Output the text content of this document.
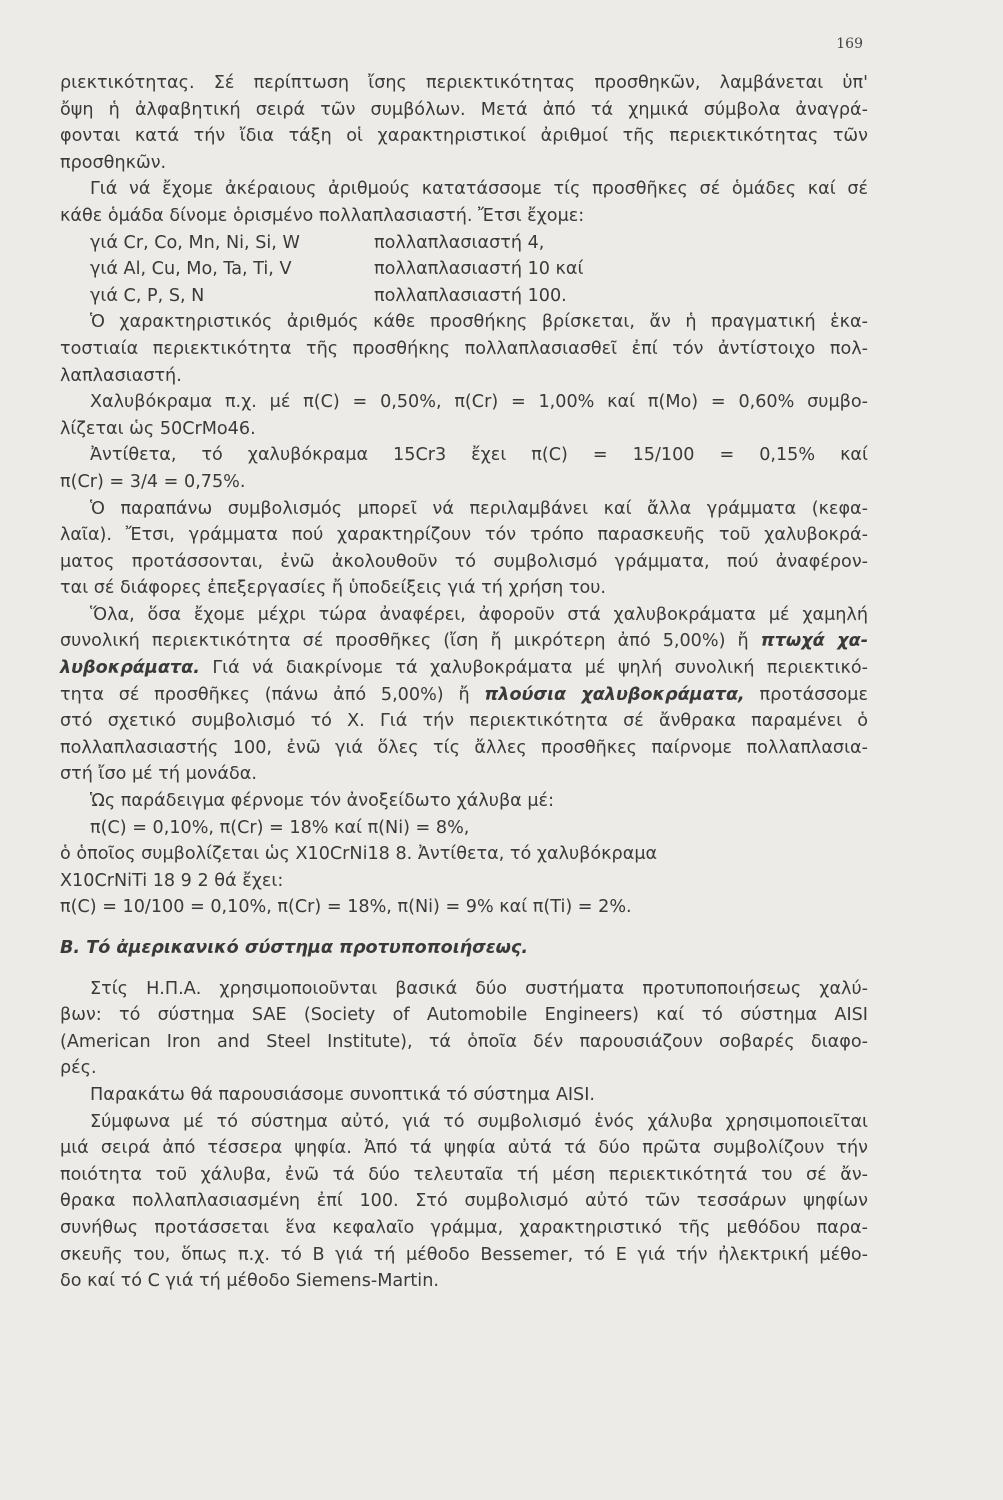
169

ριεκτικότητας. Σέ περίπτωση ἴσης περιεκτικότητας προσθηκῶν, λαμβάνεται ὑπ'
ὄψη ἡ ἀλφαβητική σειρά τῶν συμβόλων. Μετά ἀπό τά χημικά σύμβολα ἀναγρά-
φονται κατά τήν ἴδια τάξη οἱ χαρακτηριστικοί ἀριθμοί τῆς περιεκτικότητας τῶν
προσθηκῶν.

Γιά νά ἔχομε ἀκέραιους ἀριθμούς κατατάσσομε τίς προσθῆκες σέ ὁμάδες καί σέ
κάθε ὁμάδα δίνομε ὁρισμένο πολλαπλασιαστή. Ἔτσι ἔχομε:

γιά Cr, Co, Mn, Ni, Si, W	πολλαπλασιαστή 4,
γιά Al, Cu, Mo, Ta, Ti, V	πολλαπλασιαστή 10 καί
γιά C, P, S, N	πολλαπλασιαστή 100.

Ὁ χαρακτηριστικός ἀριθμός κάθε προσθήκης βρίσκεται, ἄν ἡ πραγματική ἑκα-
τοστιαία περιεκτικότητα τῆς προσθήκης πολλαπλασιασθεῖ ἐπί τόν ἀντίστοιχο πολ-
λαπλασιαστή.

Χαλυβόκραμα π.χ. μέ π(C) = 0,50%, π(Cr) = 1,00% καί π(Mo) = 0,60% συμβο-
λίζεται ὡς 50CrMo46.
Ἀντίθετα, τό χαλυβόκραμα 15Cr3 ἔχει π(C) = 15/100 = 0,15% καί
π(Cr) = 3/4 = 0,75%.

Ὁ παραπάνω συμβολισμός μπορεῖ νά περιλαμβάνει καί ἄλλα γράμματα (κεφα-
λαῖα). Ἔτσι, γράμματα πού χαρακτηρίζουν τόν τρόπο παρασκευῆς τοῦ χαλυβοκρά-
ματος προτάσσονται, ἐνῶ ἀκολουθοῦν τό συμβολισμό γράμματα, πού ἀναφέρον-
ται σέ διάφορες ἐπεξεργασίες ἤ ὑποδείξεις γιά τή χρήση του.

Ὅλα, ὅσα ἔχομε μέχρι τώρα ἀναφέρει, ἀφοροῦν στά χαλυβοκράματα μέ χαμηλή
συνολική περιεκτικότητα σέ προσθῆκες (ἴση ἤ μικρότερη ἀπό 5,00%) ἤ πτωχά χα-
λυβοκράματα. Γιά νά διακρίνομε τά χαλυβοκράματα μέ ψηλή συνολική περιεκτικό-
τητα σέ προσθῆκες (πάνω ἀπό 5,00%) ἤ πλούσια χαλυβοκράματα, προτάσσομε
στό σχετικό συμβολισμό τό X. Γιά τήν περιεκτικότητα σέ ἄνθρακα παραμένει ὁ
πολλαπλασιαστής 100, ἐνῶ γιά ὅλες τίς ἄλλες προσθῆκες παίρνομε πολλαπλασια-
στή ἴσο μέ τή μονάδα.

Ὡς παράδειγμα φέρνομε τόν ἀνοξείδωτο χάλυβα μέ:
π(C) = 0,10%, π(Cr) = 18% καί π(Ni) = 8%,
ὁ ὁποῖος συμβολίζεται ὡς X10CrNi18 8. Ἀντίθετα, τό χαλυβόκραμα
X10CrNiTi 18 9 2 θά ἔχει:
π(C) = 10/100 = 0,10%, π(Cr) = 18%, π(Ni) = 9% καί π(Ti) = 2%.

Β. Τό ἀμερικανικό σύστημα προτυποποιήσεως.

Στίς Η.Π.Α. χρησιμοποιοῦνται βασικά δύο συστήματα προτυποποιήσεως χαλύ-
βων: τό σύστημα SAE (Society of Automobile Engineers) καί τό σύστημα AISI
(American Iron and Steel Institute), τά ὁποῖα δέν παρουσιάζουν σοβαρές διαφο-
ρές.

Παρακάτω θά παρουσιάσομε συνοπτικά τό σύστημα AISI.

Σύμφωνα μέ τό σύστημα αὐτό, γιά τό συμβολισμό ἑνός χάλυβα χρησιμοποιεῖται
μιά σειρά ἀπό τέσσερα ψηφία. Ἀπό τά ψηφία αὐτά τά δύο πρῶτα συμβολίζουν τήν
ποιότητα τοῦ χάλυβα, ἐνῶ τά δύο τελευταῖα τή μέση περιεκτικότητά του σέ ἄν-
θρακα πολλαπλασιασμένη ἐπί 100. Στό συμβολισμό αὐτό τῶν τεσσάρων ψηφίων
συνήθως προτάσσεται ἕνα κεφαλαῖο γράμμα, χαρακτηριστικό τῆς μεθόδου παρα-
σκευῆς του, ὅπως π.χ. τό B γιά τή μέθοδο Bessemer, τό E γιά τήν ἠλεκτρική μέθο-
δο καί τό C γιά τή μέθοδο Siemens-Martin.
